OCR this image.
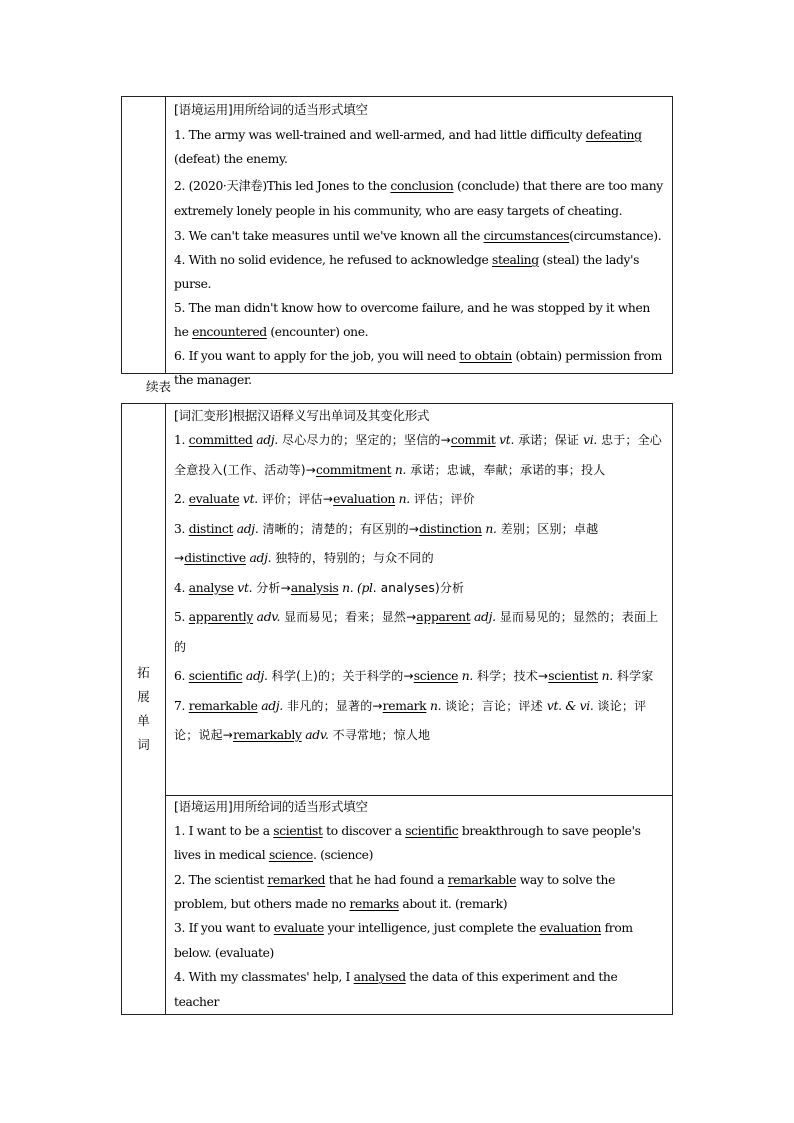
[语境运用]用所给词的适当形式填空
1. The army was well-trained and well-armed, and had little difficulty defeating (defeat) the enemy.
2. (2020·天津卷)This led Jones to the conclusion (conclude) that there are too many extremely lonely people in his community, who are easy targets of cheating.
3. We can't take measures until we've known all the circumstances(circumstance).
4. With no solid evidence, he refused to acknowledge stealing (steal) the lady's purse.
5. The man didn't know how to overcome failure, and he was stopped by it when he encountered (encounter) one.
6. If you want to apply for the job, you will need to obtain (obtain) permission from the manager.
续表
拓
展
单
词
[词汇变形]根据汉语释义写出单词及其变化形式
1. committed adj. 尽心尽力的；坚定的；坚信的→commit vt. 承诺；保证 vi. 忠于；全心全意投入(工作、活动等)→commitment n. 承诺；忠诚，奉献；承诺的事；投人
2. evaluate vt. 评价；评估→evaluation n. 评估；评价
3. distinct adj. 清晰的；清楚的；有区别的→distinction n. 差别；区别；卓越→distinctive adj. 独特的，特别的；与众不同的
4. analyse vt. 分析→analysis n. (pl. analyses)分析
5. apparently adv. 显而易见；看来；显然→apparent adj. 显而易见的；显然的；表面上的
6. scientific adj. 科学(上)的；关于科学的→science n. 科学；技术→scientist n. 科学家
7. remarkable adj. 非凡的；显著的→remark n. 谈论；言论；评述 vt. & vi. 谈论；评论；说起→remarkably adv. 不寻常地；惊人地
[语境运用]用所给词的适当形式填空
1. I want to be a scientist to discover a scientific breakthrough to save people's lives in medical science. (science)
2. The scientist remarked that he had found a remarkable way to solve the problem, but others made no remarks about it. (remark)
3. If you want to evaluate your intelligence, just complete the evaluation from below. (evaluate)
4. With my classmates' help, I analysed the data of this experiment and the teacher
